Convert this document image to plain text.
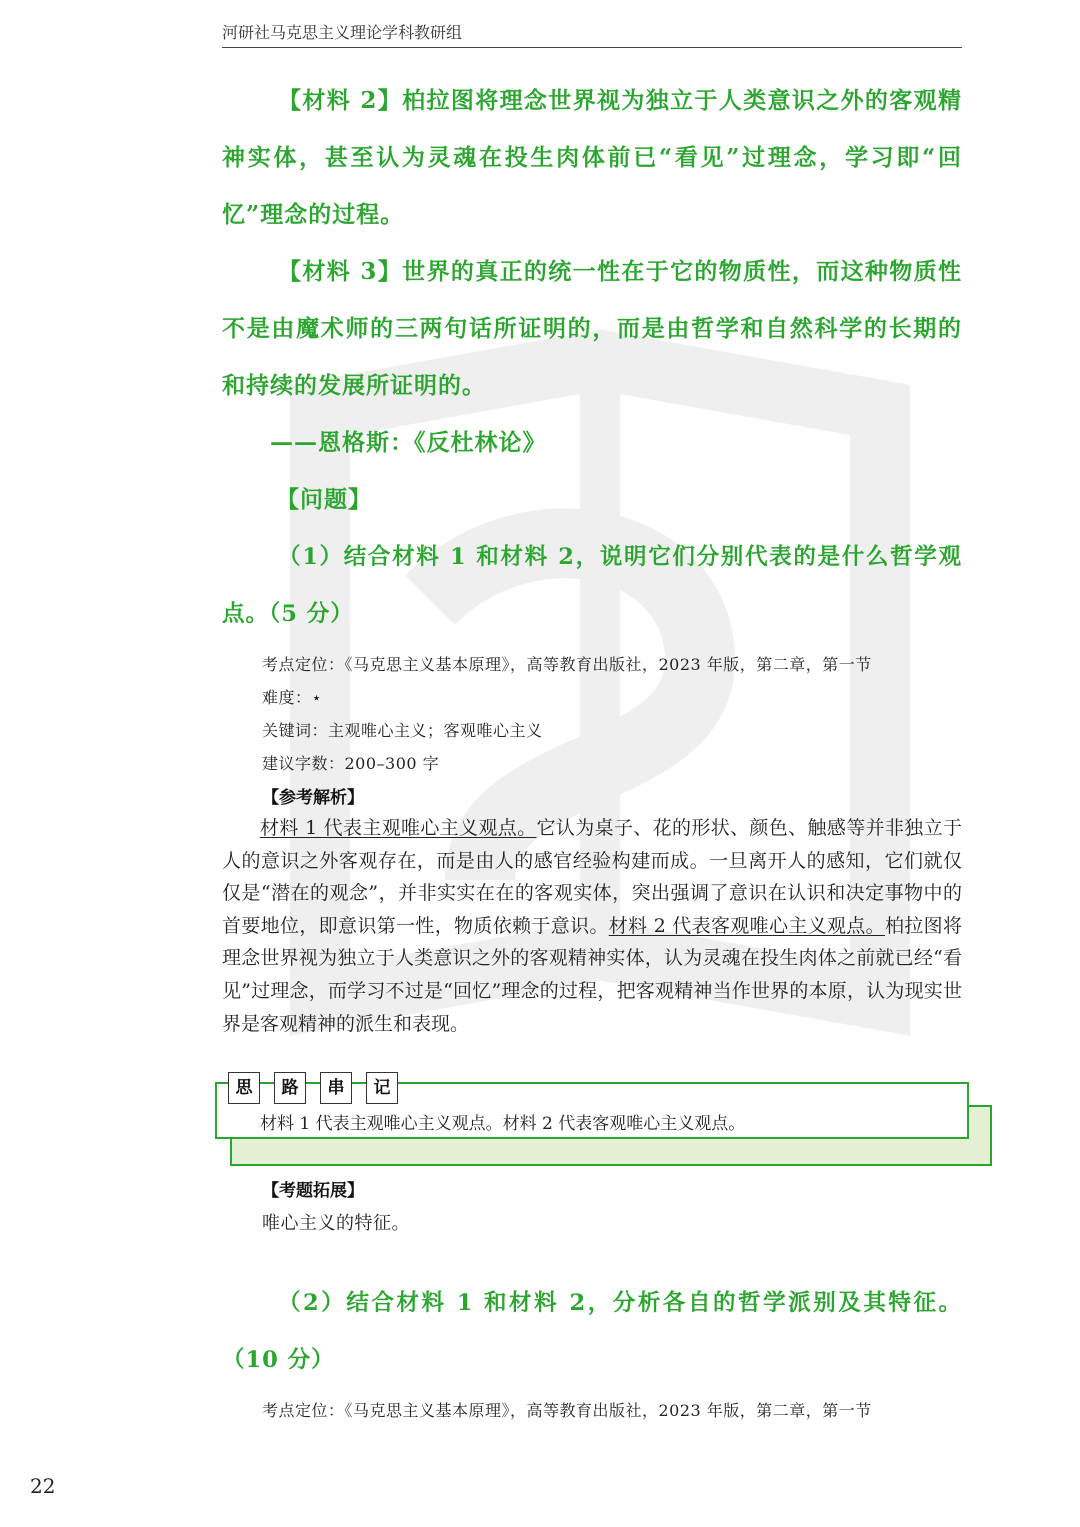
河研社马克思主义理论学科教研组
【材料 2】柏拉图将理念世界视为独立于人类意识之外的客观精神实体，甚至认为灵魂在投生肉体前已“看见”过理念，学习即“回忆”理念的过程。
【材料 3】世界的真正的统一性在于它的物质性，而这种物质性不是由魔术师的三两句话所证明的，而是由哲学和自然科学的长期的和持续的发展所证明的。
——恩格斯：《反杜林论》
【问题】
（1）结合材料 1 和材料 2，说明它们分别代表的是什么哲学观点。（5 分）
考点定位：《马克思主义基本原理》，高等教育出版社，2023 年版，第二章，第一节
难度：⋆
关键词：主观唯心主义；客观唯心主义
建议字数：200–300 字
【参考解析】
材料 1 代表主观唯心主义观点。它认为桌子、花的形状、颜色、触感等并非独立于人的意识之外客观存在，而是由人的感官经验构建而成。一旦离开人的感知，它们就仅仅是“潜在的观念”，并非实实在在的客观实体，突出强调了意识在认识和决定事物中的首要地位，即意识第一性，物质依赖于意识。材料 2 代表客观唯心主义观点。柏拉图将理念世界视为独立于人类意识之外的客观精神实体，认为灵魂在投生肉体之前就已经“看见”过理念，而学习不过是“回忆”理念的过程，把客观精神当作世界的本原，认为现实世界是客观精神的派生和表现。
思	路	串	记
材料 1 代表主观唯心主义观点。材料 2 代表客观唯心主义观点。
【考题拓展】
唯心主义的特征。
（2）结合材料 1 和材料 2，分析各自的哲学派别及其特征。（10 分）
考点定位：《马克思主义基本原理》，高等教育出版社，2023 年版，第二章，第一节
22
